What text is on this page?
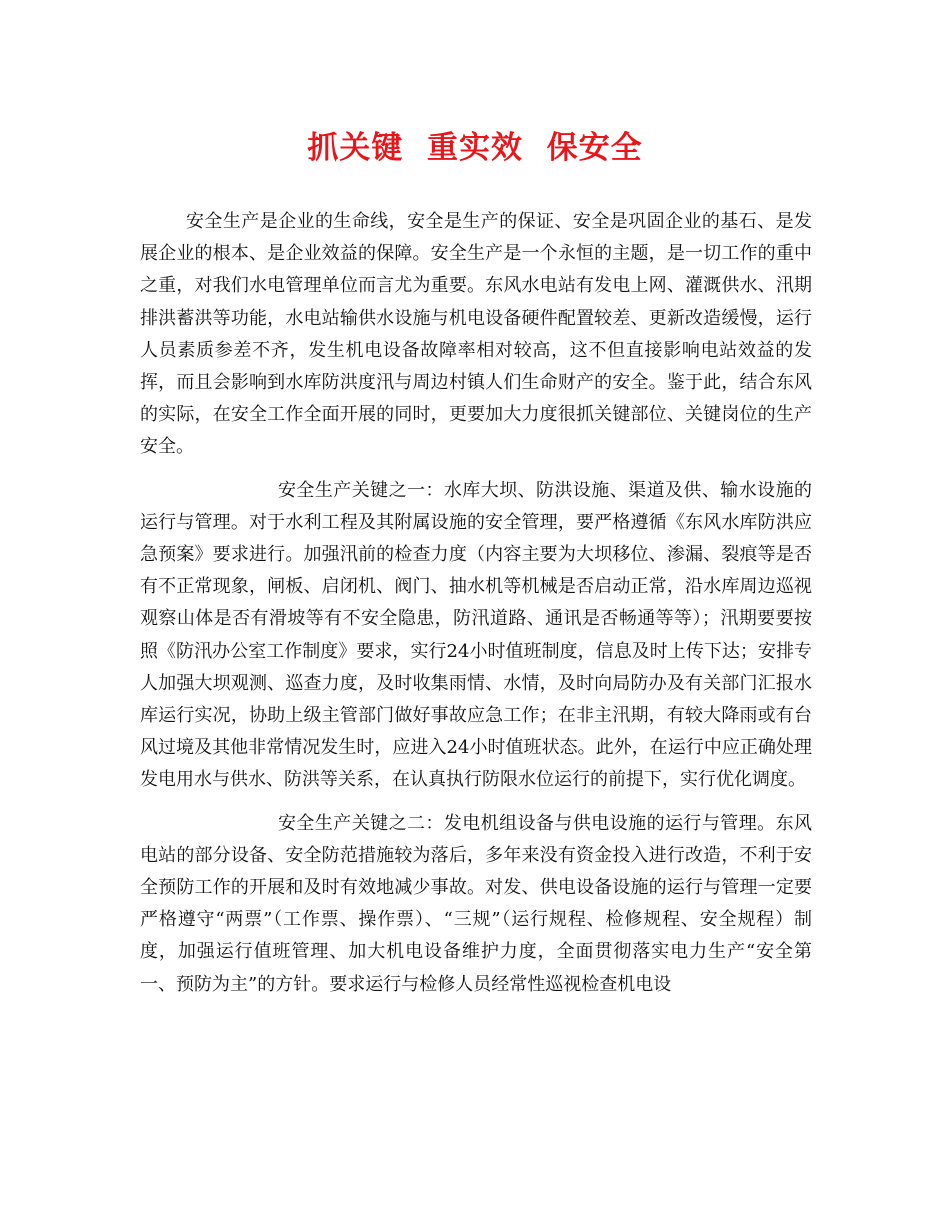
抓关键  重实效  保安全

安全生产是企业的生命线，安全是生产的保证、安全是巩固企业的基石、是发展企业的根本、是企业效益的保障。安全生产是一个永恒的主题，是一切工作的重中之重，对我们水电管理单位而言尤为重要。东风水电站有发电上网、灌溉供水、汛期排洪蓄洪等功能，水电站输供水设施与机电设备硬件配置较差、更新改造缓慢，运行人员素质参差不齐，发生机电设备故障率相对较高，这不但直接影响电站效益的发挥，而且会影响到水库防洪度汛与周边村镇人们生命财产的安全。鉴于此，结合东风的实际，在安全工作全面开展的同时，更要加大力度很抓关键部位、关键岗位的生产安全。

安全生产关键之一：水库大坝、防洪设施、渠道及供、输水设施的运行与管理。对于水利工程及其附属设施的安全管理，要严格遵循《东风水库防洪应急预案》要求进行。加强汛前的检查力度（内容主要为大坝移位、渗漏、裂痕等是否有不正常现象，闸板、启闭机、阀门、抽水机等机械是否启动正常，沿水库周边巡视观察山体是否有滑坡等有不安全隐患，防汛道路、通讯是否畅通等等）；汛期要要按照《防汛办公室工作制度》要求，实行24小时值班制度，信息及时上传下达；安排专人加强大坝观测、巡查力度，及时收集雨情、水情，及时向局防办及有关部门汇报水库运行实况，协助上级主管部门做好事故应急工作；在非主汛期，有较大降雨或有台风过境及其他非常情况发生时，应进入24小时值班状态。此外，在运行中应正确处理发电用水与供水、防洪等关系，在认真执行防限水位运行的前提下，实行优化调度。

安全生产关键之二：发电机组设备与供电设施的运行与管理。东风电站的部分设备、安全防范措施较为落后，多年来没有资金投入进行改造，不利于安全预防工作的开展和及时有效地减少事故。对发、供电设备设施的运行与管理一定要严格遵守“两票”（工作票、操作票）、“三规”（运行规程、检修规程、安全规程）制度，加强运行值班管理、加大机电设备维护力度，全面贯彻落实电力生产“安全第一、预防为主”的方针。要求运行与检修人员经常性巡视检查机电设
